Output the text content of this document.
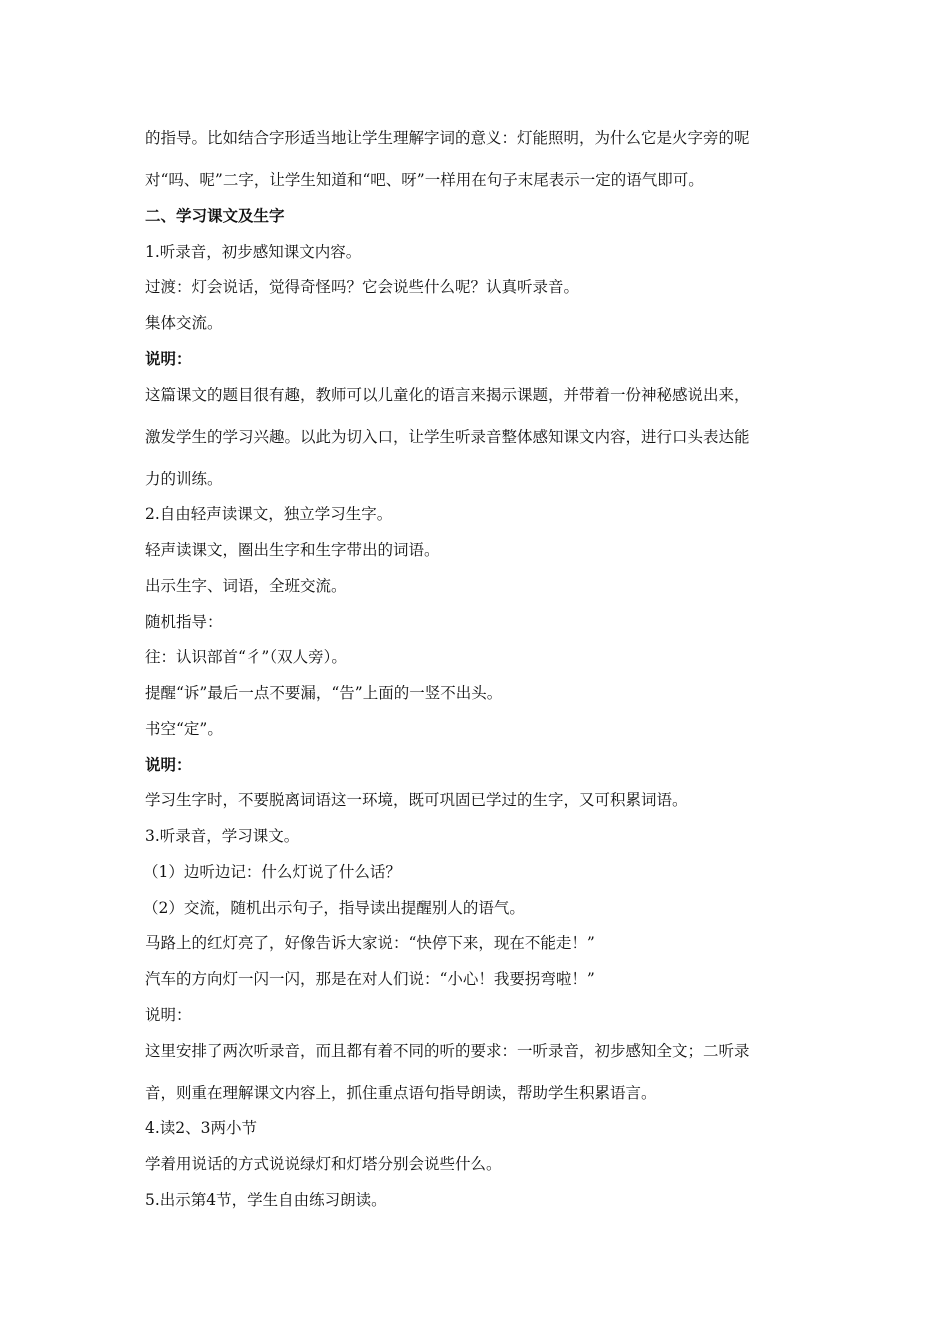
的指导。比如结合字形适当地让学生理解字词的意义：灯能照明，为什么它是火字旁的呢
对“吗、呢”二字，让学生知道和“吧、呀”一样用在句子末尾表示一定的语气即可。
二、学习课文及生字
1.听录音，初步感知课文内容。
过渡：灯会说话，觉得奇怪吗？它会说些什么呢？认真听录音。
集体交流。
说明：
这篇课文的题目很有趣，教师可以儿童化的语言来揭示课题，并带着一份神秘感说出来，
激发学生的学习兴趣。以此为切入口，让学生听录音整体感知课文内容，进行口头表达能
力的训练。
2.自由轻声读课文，独立学习生字。
轻声读课文，圈出生字和生字带出的词语。
出示生字、词语，全班交流。
随机指导：
往：认识部首“彳”（双人旁）。
提醒“诉”最后一点不要漏，“告”上面的一竖不出头。
书空“定”。
说明：
学习生字时，不要脱离词语这一环境，既可巩固已学过的生字，又可积累词语。
3.听录音，学习课文。
（1）边听边记：什么灯说了什么话？
（2）交流，随机出示句子，指导读出提醒别人的语气。
马路上的红灯亮了，好像告诉大家说：“快停下来，现在不能走！”
汽车的方向灯一闪一闪，那是在对人们说：“小心！我要拐弯啦！”
说明：
这里安排了两次听录音，而且都有着不同的听的要求：一听录音，初步感知全文；二听录
音，则重在理解课文内容上，抓住重点语句指导朗读，帮助学生积累语言。
4.读2、3两小节
学着用说话的方式说说绿灯和灯塔分别会说些什么。
5.出示第4节，学生自由练习朗读。
